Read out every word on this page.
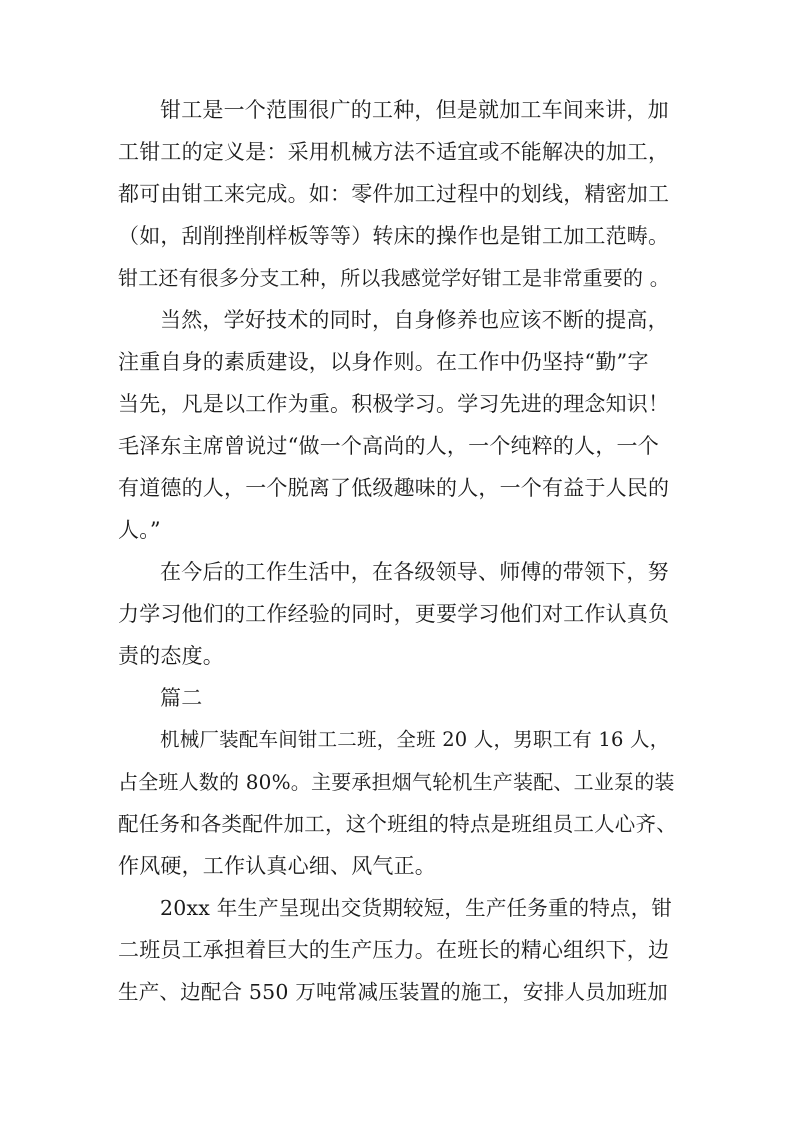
钳工是一个范围很广的工种，但是就加工车间来讲，加
工钳工的定义是：采用机械方法不适宜或不能解决的加工，
都可由钳工来完成。如：零件加工过程中的划线，精密加工
（如，刮削挫削样板等等）转床的操作也是钳工加工范畴。
钳工还有很多分支工种，所以我感觉学好钳工是非常重要的 。
当然，学好技术的同时，自身修养也应该不断的提高，
注重自身的素质建设，以身作则。在工作中仍坚持“勤”字
当先，凡是以工作为重。积极学习。学习先进的理念知识！
毛泽东主席曾说过“做一个高尚的人，一个纯粹的人，一个
有道德的人，一个脱离了低级趣味的人，一个有益于人民的
人。”
在今后的工作生活中，在各级领导、师傅的带领下，努
力学习他们的工作经验的同时，更要学习他们对工作认真负
责的态度。
篇二
机械厂装配车间钳工二班，全班 20 人，男职工有 16 人，
占全班人数的 80%。主要承担烟气轮机生产装配、工业泵的装
配任务和各类配件加工，这个班组的特点是班组员工人心齐、
作风硬，工作认真心细、风气正。
20xx 年生产呈现出交货期较短，生产任务重的特点，钳
二班员工承担着巨大的生产压力。在班长的精心组织下，边
生产、边配合 550 万吨常减压装置的施工，安排人员加班加
